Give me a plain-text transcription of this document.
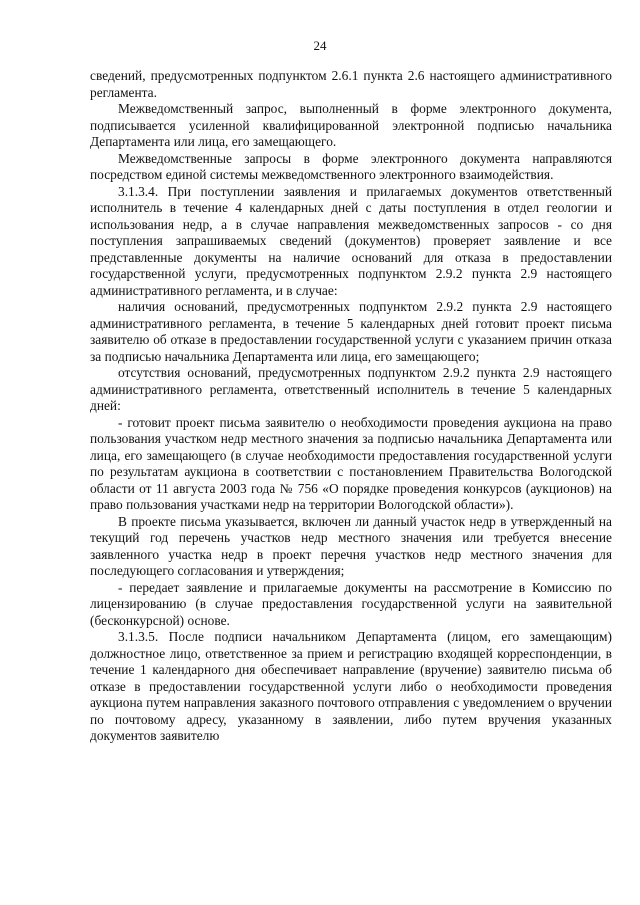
24

сведений, предусмотренных подпунктом 2.6.1 пункта 2.6 настоящего административного регламента.

Межведомственный запрос, выполненный в форме электронного документа, подписывается усиленной квалифицированной электронной подписью начальника Департамента или лица, его замещающего.

Межведомственные запросы в форме электронного документа направляются посредством единой системы межведомственного электронного взаимодействия.

3.1.3.4. При поступлении заявления и прилагаемых документов ответственный исполнитель в течение 4 календарных дней с даты поступления в отдел геологии и использования недр, а в случае направления межведомственных запросов - со дня поступления запрашиваемых сведений (документов) проверяет заявление и все представленные документы на наличие оснований для отказа в предоставлении государственной услуги, предусмотренных подпунктом 2.9.2 пункта 2.9 настоящего административного регламента, и в случае:

наличия оснований, предусмотренных подпунктом 2.9.2 пункта 2.9 настоящего административного регламента, в течение 5 календарных дней готовит проект письма заявителю об отказе в предоставлении государственной услуги с указанием причин отказа за подписью начальника Департамента или лица, его замещающего;

отсутствия оснований, предусмотренных подпунктом 2.9.2 пункта 2.9 настоящего административного регламента, ответственный исполнитель в течение 5 календарных дней:

- готовит проект письма заявителю о необходимости проведения аукциона на право пользования участком недр местного значения за подписью начальника Департамента или лица, его замещающего (в случае необходимости предоставления государственной услуги по результатам аукциона в соответствии с постановлением Правительства Вологодской области от 11 августа 2003 года № 756 «О порядке проведения конкурсов (аукционов) на право пользования участками недр на территории Вологодской области»).

В проекте письма указывается, включен ли данный участок недр в утвержденный на текущий год перечень участков недр местного значения или требуется внесение заявленного участка недр в проект перечня участков недр местного значения для последующего согласования и утверждения;

- передает заявление и прилагаемые документы на рассмотрение в Комиссию по лицензированию (в случае предоставления государственной услуги на заявительной (бесконкурсной) основе.

3.1.3.5. После подписи начальником Департамента (лицом, его замещающим) должностное лицо, ответственное за прием и регистрацию входящей корреспонденции, в течение 1 календарного дня обеспечивает направление (вручение) заявителю письма об отказе в предоставлении государственной услуги либо о необходимости проведения аукциона путем направления заказного почтового отправления с уведомлением о вручении по почтовому адресу, указанному в заявлении, либо путем вручения указанных документов заявителю
